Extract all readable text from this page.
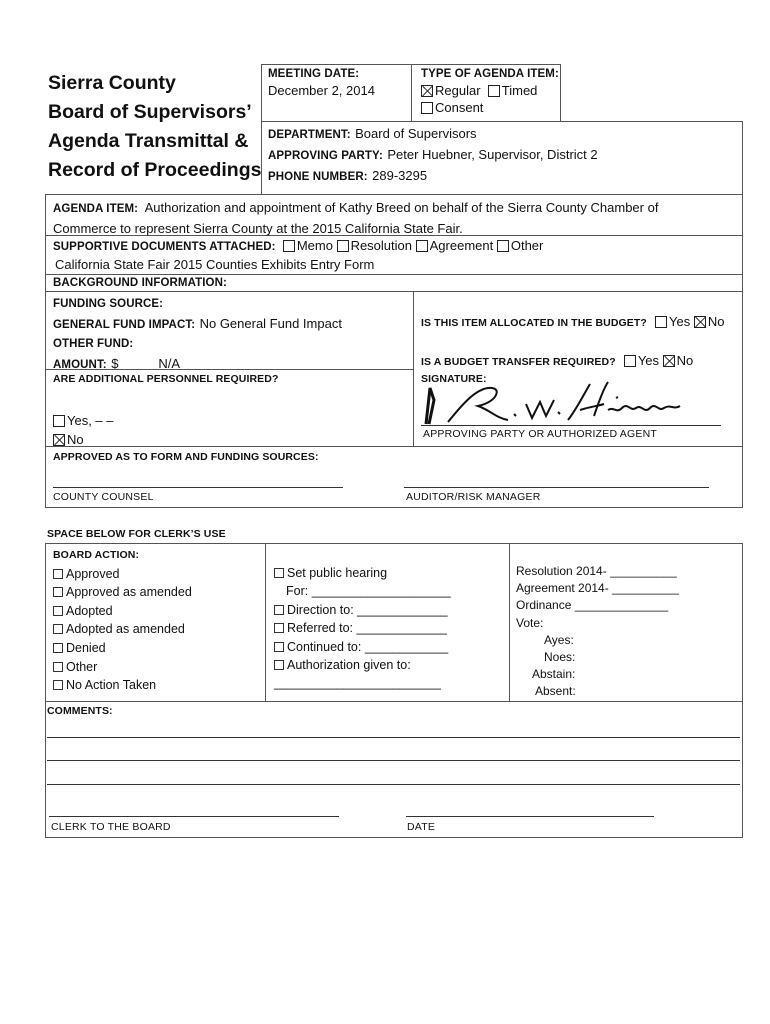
Sierra County
Board of Supervisors’
Agenda Transmittal &
Record of Proceedings
MEETING DATE:
December 2, 2014
TYPE OF AGENDA ITEM:
Regular Timed
Consent
DEPARTMENT: Board of Supervisors
APPROVING PARTY: Peter Huebner, Supervisor, District 2
PHONE NUMBER: 289-3295
AGENDA ITEM: Authorization and appointment of Kathy Breed on behalf of the Sierra County Chamber of
Commerce to represent Sierra County at the 2015 California State Fair.
SUPPORTIVE DOCUMENTS ATTACHED: Memo Resolution Agreement Other
California State Fair 2015 Counties Exhibits Entry Form
BACKGROUND INFORMATION:
FUNDING SOURCE:
GENERAL FUND IMPACT: No General Fund Impact
OTHER FUND:
AMOUNT: $	N/A
IS THIS ITEM ALLOCATED IN THE BUDGET? Yes No
IS A BUDGET TRANSFER REQUIRED? Yes No
ARE ADDITIONAL PERSONNEL REQUIRED?
Yes, – –
No
SIGNATURE:
APPROVING PARTY OR AUTHORIZED AGENT
APPROVED AS TO FORM AND FUNDING SOURCES:
COUNTY COUNSEL	AUDITOR/RISK MANAGER
SPACE BELOW FOR CLERK’S USE
BOARD ACTION:
Approved
Approved as amended
Adopted
Adopted as amended
Denied
Other
No Action Taken
Set public hearing
For: ____________________
Direction to: _____________
Referred to: _____________
Continued to: ____________
Authorization given to:
________________________
Resolution 2014- __________
Agreement 2014- __________
Ordinance ______________
Vote:
Ayes:
Noes:
Abstain:
Absent:
COMMENTS:
CLERK TO THE BOARD	DATE
